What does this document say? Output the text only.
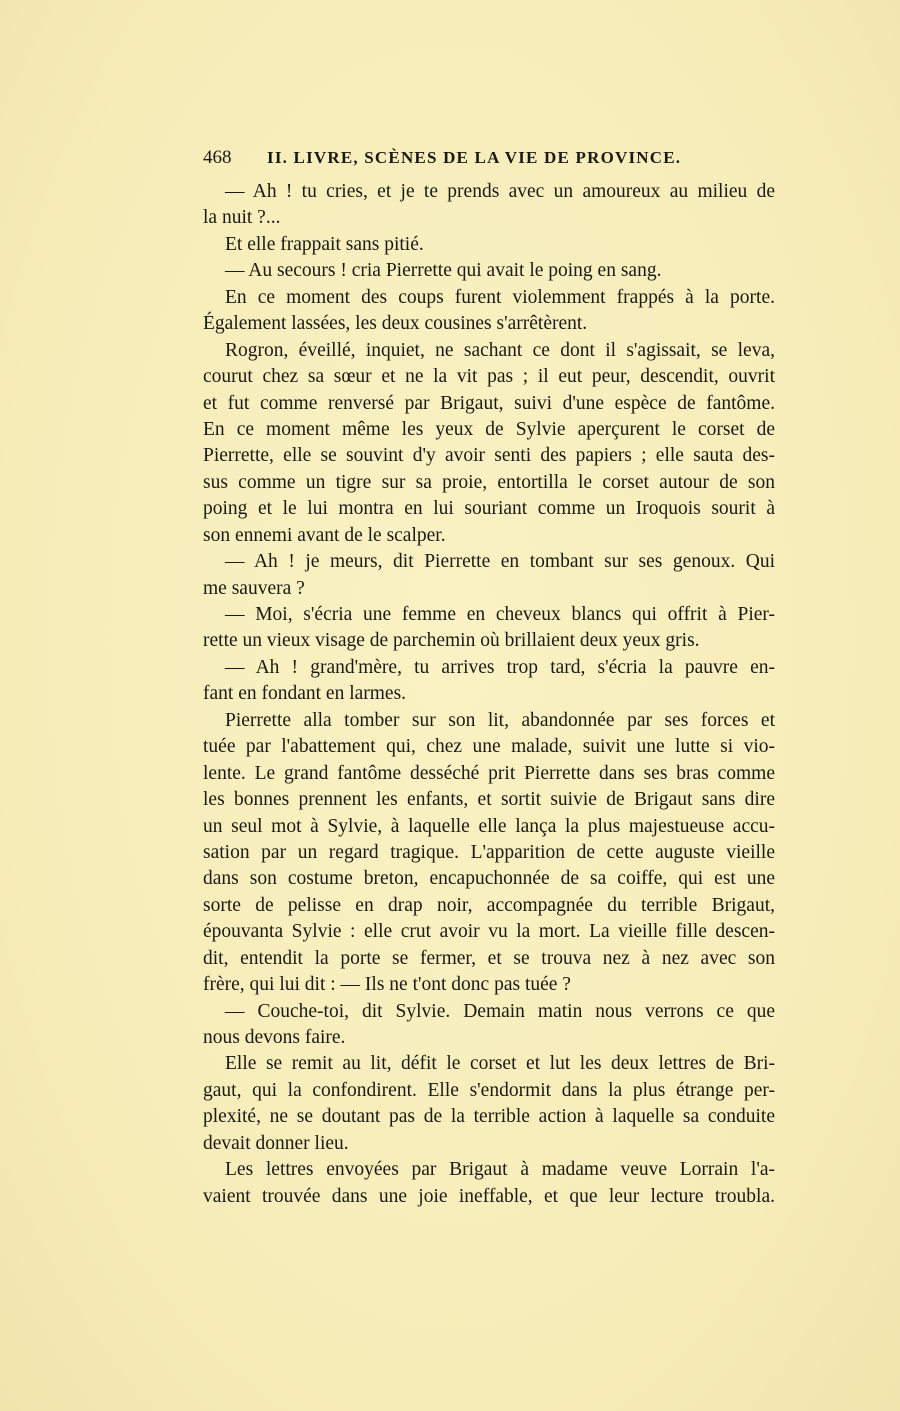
468 II. LIVRE, SCÈNES DE LA VIE DE PROVINCE.
— Ah ! tu cries, et je te prends avec un amoureux au milieu de
la nuit ?...
Et elle frappait sans pitié.
— Au secours ! cria Pierrette qui avait le poing en sang.
En ce moment des coups furent violemment frappés à la porte.
Également lassées, les deux cousines s'arrêtèrent.
Rogron, éveillé, inquiet, ne sachant ce dont il s'agissait, se leva,
courut chez sa sœur et ne la vit pas ; il eut peur, descendit, ouvrit
et fut comme renversé par Brigaut, suivi d'une espèce de fantôme.
En ce moment même les yeux de Sylvie aperçurent le corset de
Pierrette, elle se souvint d'y avoir senti des papiers ; elle sauta des-
sus comme un tigre sur sa proie, entortilla le corset autour de son
poing et le lui montra en lui souriant comme un Iroquois sourit à
son ennemi avant de le scalper.
— Ah ! je meurs, dit Pierrette en tombant sur ses genoux. Qui
me sauvera ?
— Moi, s'écria une femme en cheveux blancs qui offrit à Pier-
rette un vieux visage de parchemin où brillaient deux yeux gris.
— Ah ! grand'mère, tu arrives trop tard, s'écria la pauvre en-
fant en fondant en larmes.
Pierrette alla tomber sur son lit, abandonnée par ses forces et
tuée par l'abattement qui, chez une malade, suivit une lutte si vio-
lente. Le grand fantôme desséché prit Pierrette dans ses bras comme
les bonnes prennent les enfants, et sortit suivie de Brigaut sans dire
un seul mot à Sylvie, à laquelle elle lança la plus majestueuse accu-
sation par un regard tragique. L'apparition de cette auguste vieille
dans son costume breton, encapuchonnée de sa coiffe, qui est une
sorte de pelisse en drap noir, accompagnée du terrible Brigaut,
épouvanta Sylvie : elle crut avoir vu la mort. La vieille fille descen-
dit, entendit la porte se fermer, et se trouva nez à nez avec son
frère, qui lui dit : — Ils ne t'ont donc pas tuée ?
— Couche-toi, dit Sylvie. Demain matin nous verrons ce que
nous devons faire.
Elle se remit au lit, défit le corset et lut les deux lettres de Bri-
gaut, qui la confondirent. Elle s'endormit dans la plus étrange per-
plexité, ne se doutant pas de la terrible action à laquelle sa conduite
devait donner lieu.
Les lettres envoyées par Brigaut à madame veuve Lorrain l'a-
vaient trouvée dans une joie ineffable, et que leur lecture troubla.
